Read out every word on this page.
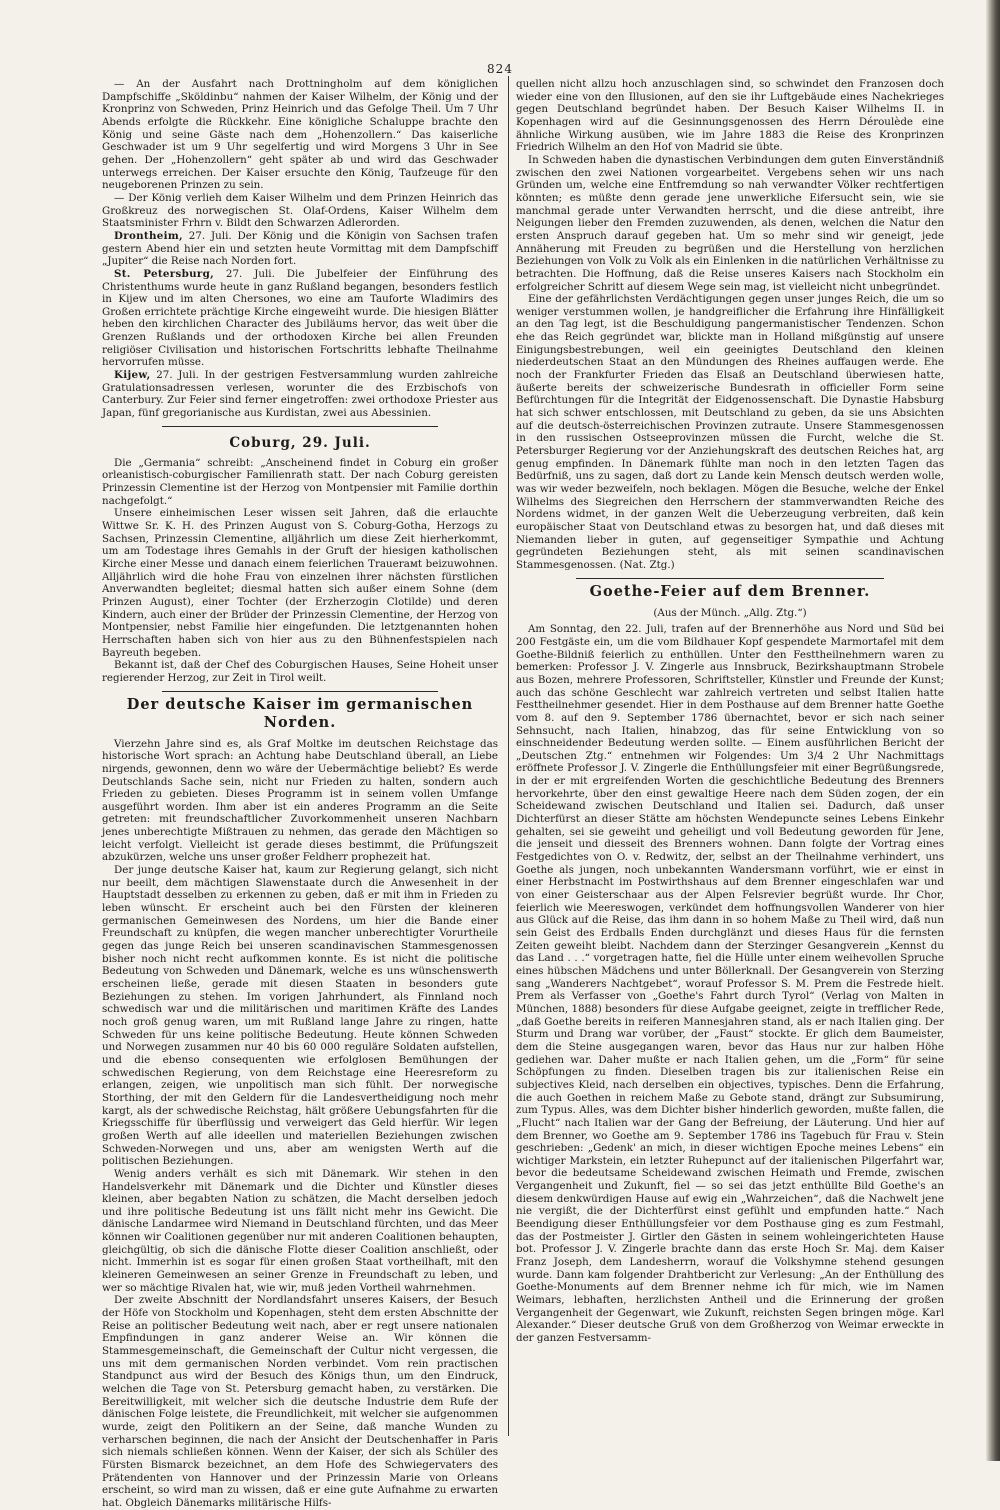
824

— An der Ausfahrt nach Drottningholm auf dem königlichen Dampfschiffe „Sköldinbu“ nahmen der Kaiser Wilhelm, der König und der Kronprinz von Schweden, Prinz Heinrich und das Gefolge Theil. Um 7 Uhr Abends erfolgte die Rückkehr. Eine königliche Schaluppe brachte den König und seine Gäste nach dem „Hohenzollern.“ Das kaiserliche Geschwader ist um 9 Uhr segelfertig und wird Morgens 3 Uhr in See gehen. Der „Hohenzollern“ geht später ab und wird das Geschwader unterwegs erreichen. Der Kaiser ersuchte den König, Taufzeuge für den neugeborenen Prinzen zu sein.

— Der König verlieh dem Kaiser Wilhelm und dem Prinzen Heinrich das Großkreuz des norwegischen St. Olaf-Ordens, Kaiser Wilhelm dem Staatsminister Frhrn v. Bildt den Schwarzen Adlerorden.

Drontheim, 27. Juli. Der König und die Königin von Sachsen trafen gestern Abend hier ein und setzten heute Vormittag mit dem Dampfschiff „Jupiter“ die Reise nach Norden fort.

St. Petersburg, 27. Juli. Die Jubelfeier der Einführung des Christenthums wurde heute in ganz Rußland begangen, besonders festlich in Kijew und im alten Chersones, wo eine am Tauforte Wladimirs des Großen errichtete prächtige Kirche eingeweiht wurde. Die hiesigen Blätter heben den kirchlichen Character des Jubiläums hervor, das weit über die Grenzen Rußlands und der orthodoxen Kirche bei allen Freunden religiöser Civilisation und historischen Fortschritts lebhafte Theilnahme hervorrufen müsse.

Kijew, 27. Juli. In der gestrigen Festversammlung wurden zahlreiche Gratulationsadressen verlesen, worunter die des Erzbischofs von Canterbury. Zur Feier sind ferner eingetroffen: zwei orthodoxe Priester aus Japan, fünf gregorianische aus Kurdistan, zwei aus Abessinien.

Coburg, 29. Juli.

Die „Germania“ schreibt: „Anscheinend findet in Coburg ein großer orleanistisch-coburgischer Familienrath statt. Der nach Coburg gereisten Prinzessin Clementine ist der Herzog von Montpensier mit Familie dorthin nachgefolgt.“

Unsere einheimischen Leser wissen seit Jahren, daß die erlauchte Wittwe Sr. K. H. des Prinzen August von S. Coburg-Gotha, Herzogs zu Sachsen, Prinzessin Clementine, alljährlich um diese Zeit hierherkommt, um am Todestage ihres Gemahls in der Gruft der hiesigen katholischen Kirche einer Messe und danach einem feierlichen Trauerамt beizuwohnen. Alljährlich wird die hohe Frau von einzelnen ihrer nächsten fürstlichen Anverwandten begleitet; diesmal hatten sich außer einem Sohne (dem Prinzen August), einer Tochter (der Erzherzogin Clotilde) und deren Kindern, auch einer der Brüder der Prinzessin Clementine, der Herzog von Montpensier, nebst Familie hier eingefunden. Die letztgenannten hohen Herrschaften haben sich von hier aus zu den Bühnenfestspielen nach Bayreuth begeben.

Bekannt ist, daß der Chef des Coburgischen Hauses, Seine Hoheit unser regierender Herzog, zur Zeit in Tirol weilt.

Der deutsche Kaiser im germanischen Norden.

Vierzehn Jahre sind es, als Graf Moltke im deutschen Reichstage das historische Wort sprach: an Achtung habe Deutschland überall, an Liebe nirgends, gewonnen, denn wo wäre der Uebermächtige beliebt? Es werde Deutschlands Sache sein, nicht nur Frieden zu halten, sondern auch Frieden zu gebieten. Dieses Programm ist in seinem vollen Umfange ausgeführt worden. Ihm aber ist ein anderes Programm an die Seite getreten: mit freundschaftlicher Zuvorkommenheit unseren Nachbarn jenes unberechtigte Mißtrauen zu nehmen, das gerade den Mächtigen so leicht verfolgt. Vielleicht ist gerade dieses bestimmt, die Prüfungszeit abzukürzen, welche uns unser großer Feldherr prophezeit hat.

Der junge deutsche Kaiser hat, kaum zur Regierung gelangt, sich nicht nur beeilt, dem mächtigen Slawenstaate durch die Anwesenheit in der Hauptstadt desselben zu erkennen zu geben, daß er mit ihm in Frieden zu leben wünscht. Er erscheint auch bei den Fürsten der kleineren germanischen Gemeinwesen des Nordens, um hier die Bande einer Freundschaft zu knüpfen, die wegen mancher unberechtigter Vorurtheile gegen das junge Reich bei unseren scandinavischen Stammesgenossen bisher noch nicht recht aufkommen konnte. Es ist nicht die politische Bedeutung von Schweden und Dänemark, welche es uns wünschenswerth erscheinen ließe, gerade mit diesen Staaten in besonders gute Beziehungen zu stehen. Im vorigen Jahrhundert, als Finnland noch schwedisch war und die militärischen und maritimen Kräfte des Landes noch groß genug waren, um mit Rußland lange Jahre zu ringen, hatte Schweden für uns keine politische Bedeutung. Heute können Schweden und Norwegen zusammen nur 40 bis 60 000 reguläre Soldaten aufstellen, und die ebenso consequenten wie erfolglosen Bemühungen der schwedischen Regierung, von dem Reichstage eine Heeresreform zu erlangen, zeigen, wie unpolitisch man sich fühlt. Der norwegische Storthing, der mit den Geldern für die Landesvertheidigung noch mehr kargt, als der schwedische Reichstag, hält größere Uebungsfahrten für die Kriegsschiffe für überflüssig und verweigert das Geld hierfür. Wir legen großen Werth auf alle ideellen und materiellen Beziehungen zwischen Schweden-Norwegen und uns, aber am wenigsten Werth auf die politischen Beziehungen.

Wenig anders verhält es sich mit Dänemark. Wir stehen in den Handelsverkehr mit Dänemark und die Dichter und Künstler dieses kleinen, aber begabten Nation zu schätzen, die Macht derselben jedoch und ihre politische Bedeutung ist uns fällt nicht mehr ins Gewicht. Die dänische Landarmee wird Niemand in Deutschland fürchten, und das Meer können wir Coalitionen gegenüber nur mit anderen Coalitionen behaupten, gleichgültig, ob sich die dänische Flotte dieser Coalition anschließt, oder nicht. Immerhin ist es sogar für einen großen Staat vortheilhaft, mit den kleineren Gemeinwesen an seiner Grenze in Freundschaft zu leben, und wer so mächtige Rivalen hat, wie wir, muß jeden Vortheil wahrnehmen.

Der zweite Abschnitt der Nordlandsfahrt unseres Kaisers, der Besuch der Höfe von Stockholm und Kopenhagen, steht dem ersten Abschnitte der Reise an politischer Bedeutung weit nach, aber er regt unsere nationalen Empfindungen in ganz anderer Weise an. Wir können die Stammesgemeinschaft, die Gemeinschaft der Cultur nicht vergessen, die uns mit dem germanischen Norden verbindet. Vom rein practischen Standpunct aus wird der Besuch des Königs thun, um den Eindruck, welchen die Tage von St. Petersburg gemacht haben, zu verstärken. Die Bereitwilligkeit, mit welcher sich die deutsche Industrie dem Rufe der dänischen Folge leistete, die Freundlichkeit, mit welcher sie aufgenommen wurde, zeigt den Politikern an der Seine, daß manche Wunden zu verharschen beginnen, die nach der Ansicht der Deutschenhaffer in Paris sich niemals schließen können. Wenn der Kaiser, der sich als Schüler des Fürsten Bismarck bezeichnet, an dem Hofe des Schwiegervaters des Prätendenten von Hannover und der Prinzessin Marie von Orleans erscheint, so wird man zu wissen, daß er eine gute Aufnahme zu erwarten hat. Obgleich Dänemarks militärische Hilfs-

quellen nicht allzu hoch anzuschlagen sind, so schwindet den Franzosen doch wieder eine von den Illusionen, auf den sie ihr Luftgebäude eines Nachekrieges gegen Deutschland begründet haben. Der Besuch Kaiser Wilhelms II. in Kopenhagen wird auf die Gesinnungsgenossen des Herrn Déroulède eine ähnliche Wirkung ausüben, wie im Jahre 1883 die Reise des Kronprinzen Friedrich Wilhelm an den Hof von Madrid sie übte.

In Schweden haben die dynastischen Verbindungen dem guten Einverständniß zwischen den zwei Nationen vorgearbeitet. Vergebens sehen wir uns nach Gründen um, welche eine Entfremdung so nah verwandter Völker rechtfertigen könnten; es müßte denn gerade jene unwerkliche Eifersucht sein, wie sie manchmal gerade unter Verwandten herrscht, und die diese antreibt, ihre Neigungen lieber den Fremden zuzuwenden, als denen, welchen die Natur den ersten Anspruch darauf gegeben hat. Um so mehr sind wir geneigt, jede Annäherung mit Freuden zu begrüßen und die Herstellung von herzlichen Beziehungen von Volk zu Volk als ein Einlenken in die natürlichen Verhältnisse zu betrachten. Die Hoffnung, daß die Reise unseres Kaisers nach Stockholm ein erfolgreicher Schritt auf diesem Wege sein mag, ist vielleicht nicht unbegründet.

Eine der gefährlichsten Verdächtigungen gegen unser junges Reich, die um so weniger verstummen wollen, je handgreiflicher die Erfahrung ihre Hinfälligkeit an den Tag legt, ist die Beschuldigung pangermanistischer Tendenzen. Schon ehe das Reich gegründet war, blickte man in Holland mißgünstig auf unsere Einigungsbestrebungen, weil ein geeinigtes Deutschland den kleinen niederdeutschen Staat an den Mündungen des Rheines auffaugen werde. Ehe noch der Frankfurter Frieden das Elsaß an Deutschland überwiesen hatte, äußerte bereits der schweizerische Bundesrath in officieller Form seine Befürchtungen für die Integrität der Eidgenossenschaft. Die Dynastie Habsburg hat sich schwer entschlossen, mit Deutschland zu geben, da sie uns Absichten auf die deutsch-österreichischen Provinzen zutraute. Unsere Stammesgenossen in den russischen Ostseeprovinzen müssen die Furcht, welche die St. Petersburger Regierung vor der Anziehungskraft des deutschen Reiches hat, arg genug empfinden. In Dänemark fühlte man noch in den letzten Tagen das Bedürfniß, uns zu sagen, daß dort zu Lande kein Mensch deutsch werden wolle, was wir weder bezweifeln, noch beklagen. Mögen die Besuche, welche der Enkel Wilhelms des Siegreichen den Herrschern der stammverwandten Reiche des Nordens widmet, in der ganzen Welt die Ueberzeugung verbreiten, daß kein europäischer Staat von Deutschland etwas zu besorgen hat, und daß dieses mit Niemanden lieber in guten, auf gegenseitiger Sympathie und Achtung gegründeten Beziehungen steht, als mit seinen scandinavischen Stammesgenossen. (Nat. Ztg.)

Goethe-Feier auf dem Brenner.
(Aus der Münch. „Allg. Ztg.“)

Am Sonntag, den 22. Juli, trafen auf der Brennerhöhe aus Nord und Süd bei 200 Festgäste ein, um die vom Bildhauer Kopf gespendete Marmortafel mit dem Goethe-Bildniß feierlich zu enthüllen. Unter den Festtheilnehmern waren zu bemerken: Professor J. V. Zingerle aus Innsbruck, Bezirkshauptmann Strobele aus Bozen, mehrere Professoren, Schriftsteller, Künstler und Freunde der Kunst; auch das schöne Geschlecht war zahlreich vertreten und selbst Italien hatte Festtheilnehmer gesendet. Hier in dem Posthause auf dem Brenner hatte Goethe vom 8. auf den 9. September 1786 übernachtet, bevor er sich nach seiner Sehnsucht, nach Italien, hinabzog, das für seine Entwicklung von so einschneidender Bedeutung werden sollte. — Einem ausführlichen Bericht der „Deutschen Ztg.“ entnehmen wir Folgendes: Um 3/4 2 Uhr Nachmittags eröffnete Professor J. V. Zingerle die Enthüllungsfeier mit einer Begrüßungsrede, in der er mit ergreifenden Worten die geschichtliche Bedeutung des Brenners hervorkehrte, über den einst gewaltige Heere nach dem Süden zogen, der ein Scheidewand zwischen Deutschland und Italien sei. Dadurch, daß unser Dichterfürst an dieser Stätte am höchsten Wendepuncte seines Lebens Einkehr gehalten, sei sie geweiht und geheiligt und voll Bedeutung geworden für Jene, die jenseit und diesseit des Brenners wohnen. Dann folgte der Vortrag eines Festgedichtes von O. v. Redwitz, der, selbst an der Theilnahme verhindert, uns Goethe als jungen, noch unbekannten Wandersmann vorführt, wie er einst in einer Herbstnacht im Postwirthshaus auf dem Brenner eingeschlafen war und von einer Geisterschaar aus der Alpen Felsrevier begrüßt wurde. Ihr Chor, feierlich wie Meereswogen, verkündet dem hoffnungsvollen Wanderer von hier aus Glück auf die Reise, das ihm dann in so hohem Maße zu Theil wird, daß nun sein Geist des Erdballs Enden durchglänzt und dieses Haus für die fernsten Zeiten geweiht bleibt. Nachdem dann der Sterzinger Gesangverein „Kennst du das Land . . .“ vorgetragen hatte, fiel die Hülle unter einem weihevollen Spruche eines hübschen Mädchens und unter Böllerknall. Der Gesangverein von Sterzing sang „Wanderers Nachtgebet“, worauf Professor S. M. Prem die Festrede hielt. Prem als Verfasser von „Goethe's Fahrt durch Tyrol“ (Verlag von Malten in München, 1888) besonders für diese Aufgabe geeignet, zeigte in trefflicher Rede, „daß Goethe bereits in reiferen Mannesjahren stand, als er nach Italien ging. Der Sturm und Drang war vorüber, der „Faust“ stockte. Er glich dem Baumeister, dem die Steine ausgegangen waren, bevor das Haus nur zur halben Höhe gediehen war. Daher mußte er nach Italien gehen, um die „Form“ für seine Schöpfungen zu finden. Dieselben tragen bis zur italienischen Reise ein subjectives Kleid, nach derselben ein objectives, typisches. Denn die Erfahrung, die auch Goethen in reichem Maße zu Gebote stand, drängt zur Subsumirung, zum Typus. Alles, was dem Dichter bisher hinderlich geworden, mußte fallen, die „Flucht“ nach Italien war der Gang der Befreiung, der Läuterung. Und hier auf dem Brenner, wo Goethe am 9. September 1786 ins Tagebuch für Frau v. Stein geschrieben: „Gedenk' an mich, in dieser wichtigen Epoche meines Lebens“ ein wichtiger Markstein, ein letzter Ruhepunct auf der italienischen Pilgerfahrt war, bevor die bedeutsame Scheidewand zwischen Heimath und Fremde, zwischen Vergangenheit und Zukunft, fiel — so sei das jetzt enthüllte Bild Goethe's an diesem denkwürdigen Hause auf ewig ein „Wahrzeichen“, daß die Nachwelt jene nie vergißt, die der Dichterfürst einst gefühlt und empfunden hatte.“ Nach Beendigung dieser Enthüllungsfeier vor dem Posthause ging es zum Festmahl, das der Postmeister J. Girtler den Gästen in seinem wohleingerichteten Hause bot. Professor J. V. Zingerle brachte dann das erste Hoch Sr. Maj. dem Kaiser Franz Joseph, dem Landesherrn, worauf die Volkshymne stehend gesungen wurde. Dann kam folgender Drahtbericht zur Verlesung: „An der Enthüllung des Goethe-Monuments auf dem Brenner nehme ich für mich, wie im Namen Weimars, lebhaften, herzlichsten Antheil und die Erinnerung der großen Vergangenheit der Gegenwart, wie Zukunft, reichsten Segen bringen möge. Karl Alexander.“ Dieser deutsche Gruß von dem Großherzog von Weimar erweckte in der ganzen Festversamm-
